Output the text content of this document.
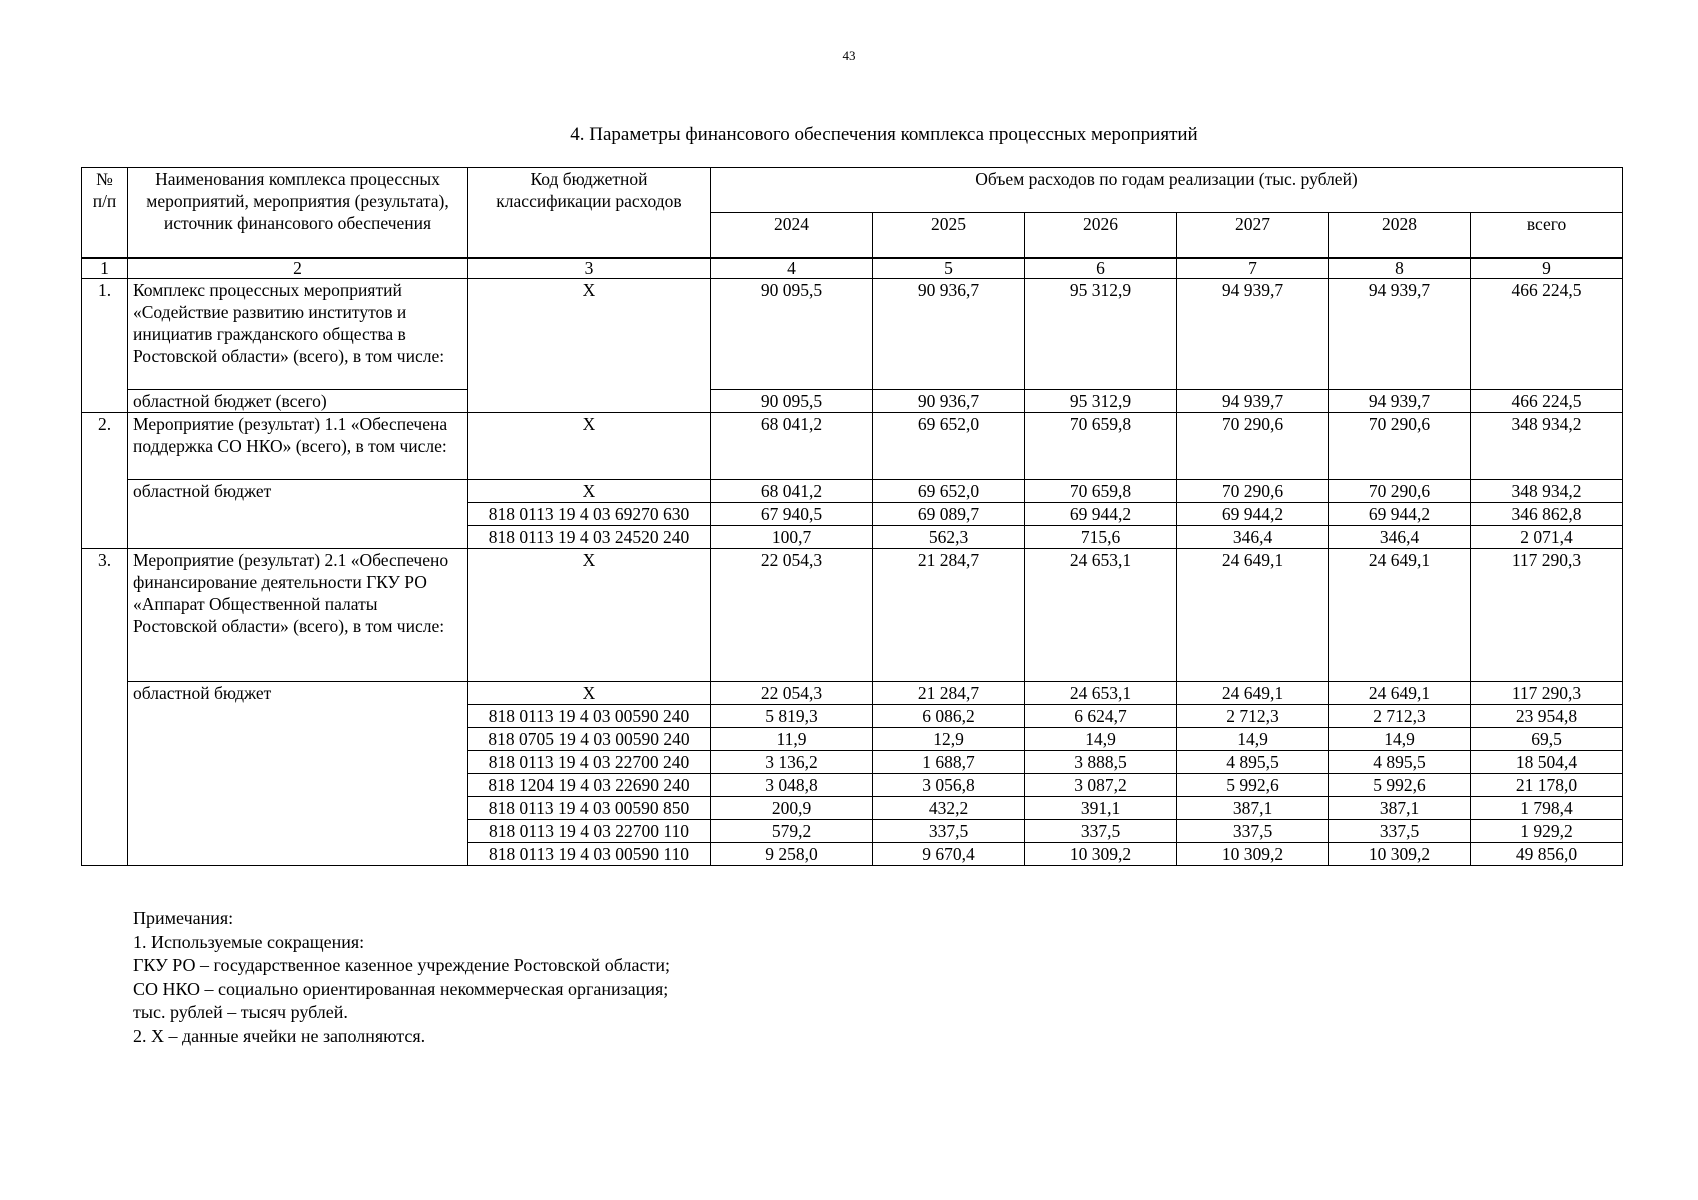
43
4. Параметры финансового обеспечения комплекса процессных мероприятий
№ п/п	Наименования комплекса процессных мероприятий, мероприятия (результата), источник финансового обеспечения	Код бюджетной классификации расходов	Объем расходов по годам реализации (тыс. рублей)					
			2024	2025	2026	2027	2028	всего
1	2	3	4	5	6	7	8	9
1.	Комплекс процессных мероприятий «Содействие развитию институтов и инициатив гражданского общества в Ростовской области» (всего), в том числе:	Х	90 095,5	90 936,7	95 312,9	94 939,7	94 939,7	466 224,5
	областной бюджет (всего)		90 095,5	90 936,7	95 312,9	94 939,7	94 939,7	466 224,5
2.	Мероприятие (результат) 1.1 «Обеспечена поддержка СО НКО» (всего), в том числе:	Х	68 041,2	69 652,0	70 659,8	70 290,6	70 290,6	348 934,2
	областной бюджет	Х	68 041,2	69 652,0	70 659,8	70 290,6	70 290,6	348 934,2
		818 0113 19 4 03 69270 630	67 940,5	69 089,7	69 944,2	69 944,2	69 944,2	346 862,8
		818 0113 19 4 03 24520 240	100,7	562,3	715,6	346,4	346,4	2 071,4
3.	Мероприятие (результат) 2.1 «Обеспечено финансирование деятельности ГКУ РО «Аппарат Общественной палаты Ростовской области» (всего), в том числе:	Х	22 054,3	21 284,7	24 653,1	24 649,1	24 649,1	117 290,3
	областной бюджет	Х	22 054,3	21 284,7	24 653,1	24 649,1	24 649,1	117 290,3
		818 0113 19 4 03 00590 240	5 819,3	6 086,2	6 624,7	2 712,3	2 712,3	23 954,8
		818 0705 19 4 03 00590 240	11,9	12,9	14,9	14,9	14,9	69,5
		818 0113 19 4 03 22700 240	3 136,2	1 688,7	3 888,5	4 895,5	4 895,5	18 504,4
		818 1204 19 4 03 22690 240	3 048,8	3 056,8	3 087,2	5 992,6	5 992,6	21 178,0
		818 0113 19 4 03 00590 850	200,9	432,2	391,1	387,1	387,1	1 798,4
		818 0113 19 4 03 22700 110	579,2	337,5	337,5	337,5	337,5	1 929,2
		818 0113 19 4 03 00590 110	9 258,0	9 670,4	10 309,2	10 309,2	10 309,2	49 856,0
Примечания:
1. Используемые сокращения:
ГКУ РО – государственное казенное учреждение Ростовской области;
СО НКО – социально ориентированная некоммерческая организация;
тыс. рублей – тысяч рублей.
2. Х – данные ячейки не заполняются.
